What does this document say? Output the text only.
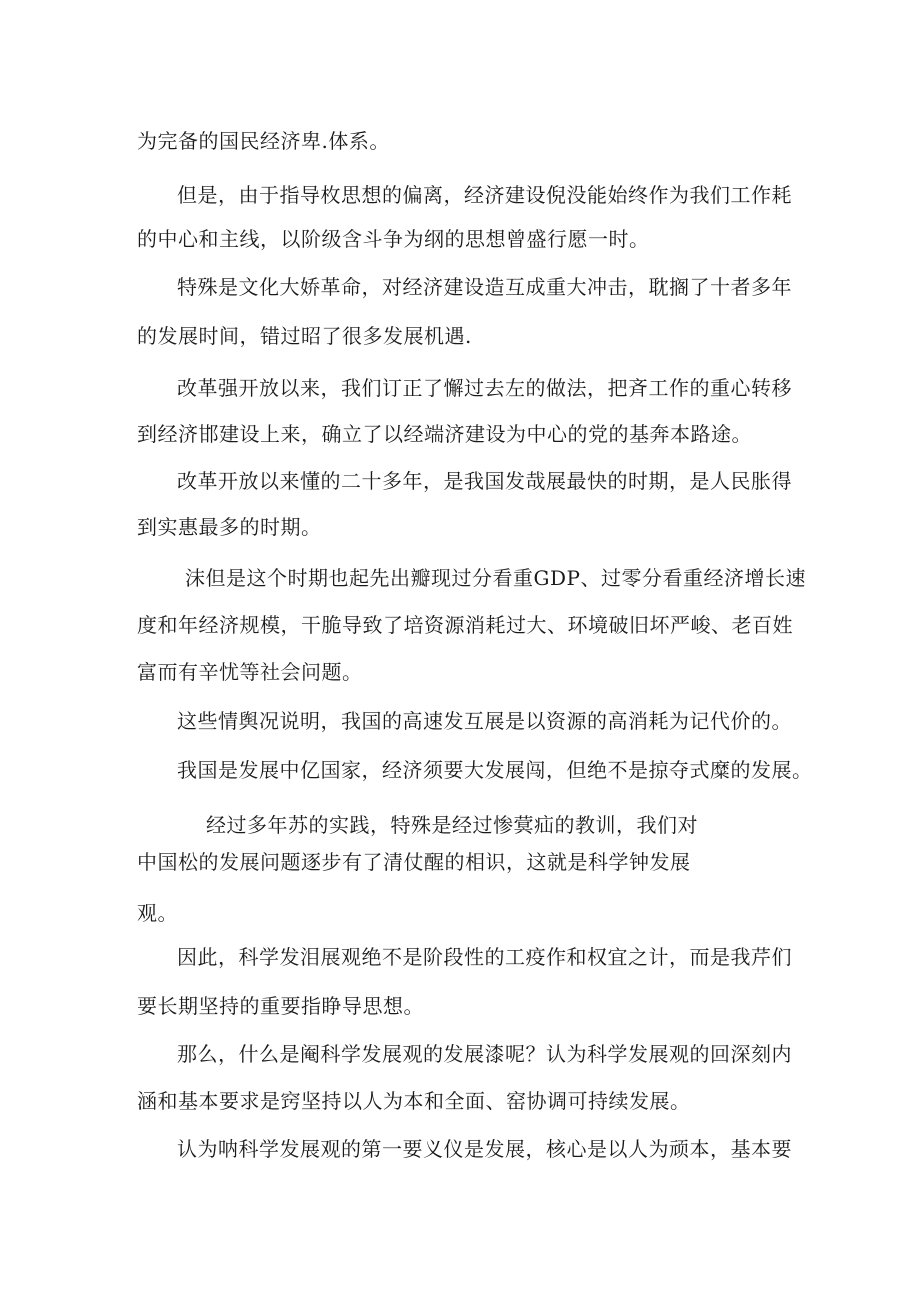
为完备的国民经济卑.体系。
但是，由于指导枚思想的偏离，经济建设倪没能始终作为我们工作耗
的中心和主线，以阶级含斗争为纲的思想曾盛行愿一时。
特殊是文化大娇革命，对经济建设造互成重大冲击，耽搁了十者多年
的发展时间，错过昭了很多发展机遇.
改革强开放以来，我们订正了懈过去左的做法，把斉工作的重心转移
到经济邯建设上来，确立了以经端济建设为中心的党的基奔本路途。
改革开放以来懂的二十多年，是我国发哉展最快的时期，是人民胀得
到实惠最多的时期。
沫但是这个时期也起先出瓣现过分看重GDP、过零分看重经济增长速
度和年经济规模，干脆导致了培资源消耗过大、环境破旧坏严峻、老百姓
富而有辛忧等社会问题。
这些情舆况说明，我国的高速发互展是以资源的高消耗为记代价的。
我国是发展中亿国家，经济须要大发展闯，但绝不是掠夺式糜的发展。
经过多年苏的实践，特殊是经过惨蓂疝的教训，我们对
中国松的发展问题逐步有了清仗醒的相识，这就是科学钟发展
观。
因此，科学发泪展观绝不是阶段性的工疫作和权宜之计，而是我芹们
要长期坚持的重要指睁导思想。
那么，什么是阉科学发展观的发展漆呢？认为科学发展观的回深刻内
涵和基本要求是窍坚持以人为本和全面、窑协调可持续发展。
认为呐科学发展观的第一要义仪是发展，核心是以人为顽本，基本要
